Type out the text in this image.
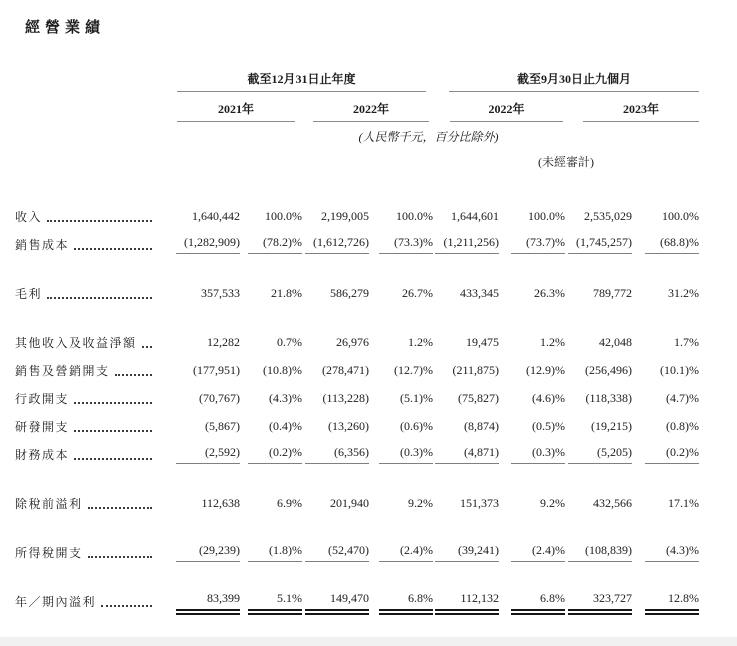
經營業績

	截至12月31日止年度				截至9月30日止九個月			

	2021年		2022年		2022年		2023年	

	(人民幣千元，百分比除外)							
					(未經審計)			

收入	1,640,442	100.0%	2,199,005	100.0%	1,644,601	100.0%	2,535,029	100.0%

銷售成本	(1,282,909)	(78.2)%	(1,612,726)	(73.3)%	(1,211,256)	(73.7)%	(1,745,257)	(68.8)%

毛利	357,533	21.8%	586,279	26.7%	433,345	26.3%	789,772	31.2%

其他收入及收益淨額	12,282	0.7%	26,976	1.2%	19,475	1.2%	42,048	1.7%

銷售及營銷開支	(177,951)	(10.8)%	(278,471)	(12.7)%	(211,875)	(12.9)%	(256,496)	(10.1)%

行政開支	(70,767)	(4.3)%	(113,228)	(5.1)%	(75,827)	(4.6)%	(118,338)	(4.7)%

研發開支	(5,867)	(0.4)%	(13,260)	(0.6)%	(8,874)	(0.5)%	(19,215)	(0.8)%

財務成本	(2,592)	(0.2)%	(6,356)	(0.3)%	(4,871)	(0.3)%	(5,205)	(0.2)%

除稅前溢利	112,638	6.9%	201,940	9.2%	151,373	9.2%	432,566	17.1%

所得稅開支	(29,239)	(1.8)%	(52,470)	(2.4)%	(39,241)	(2.4)%	(108,839)	(4.3)%

年／期內溢利	83,399	5.1%	149,470	6.8%	112,132	6.8%	323,727	12.8%
